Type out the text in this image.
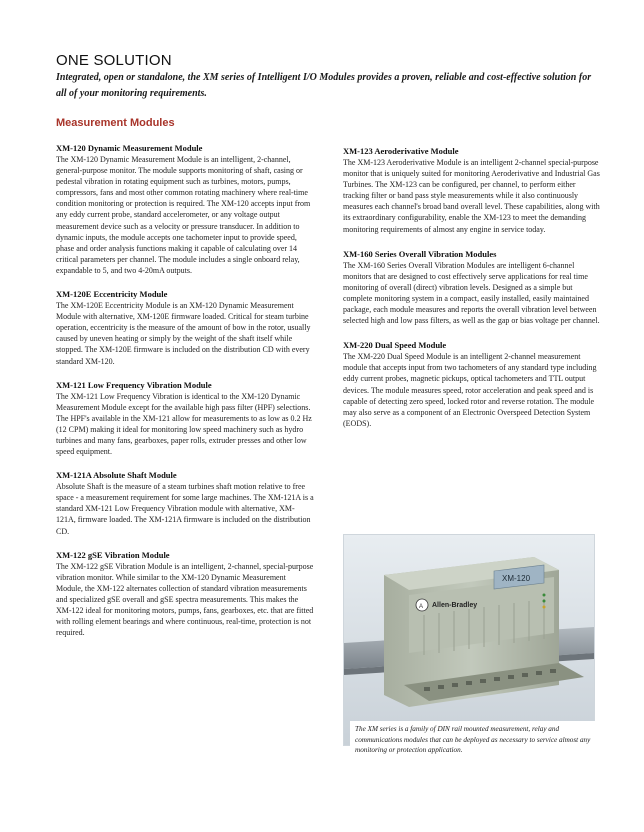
ONE SOLUTION
Integrated, open or standalone, the XM series of Intelligent I/O Modules provides a proven, reliable and cost-effective solution for all of your monitoring requirements.
Measurement Modules

XM-120 Dynamic Measurement Module

The XM-120 Dynamic Measurement Module is an intelligent, 2-channel, general-purpose monitor. The module supports monitoring of shaft, casing or pedestal vibration in rotating equipment such as turbines, motors, pumps, compressors, fans and most other common rotating machinery where real-time condition monitoring or protection is required. The XM-120 accepts input from any eddy current probe, standard accelerometer, or any voltage output measurement device such as a velocity or pressure transducer. In addition to dynamic inputs, the module accepts one tachometer input to provide speed, phase and order analysis functions making it capable of calculating over 14 critical parameters per channel. The module includes a single onboard relay, expandable to 5, and two 4-20mA outputs.

XM-120E Eccentricity Module

The XM-120E Eccentricity Module is an XM-120 Dynamic Measurement Module with alternative, XM-120E firmware loaded. Critical for steam turbine operation, eccentricity is the measure of the amount of bow in the rotor, usually caused by uneven heating or simply by the weight of the shaft itself while stopped. The XM-120E firmware is included on the distribution CD with every standard XM-120.

XM-121 Low Frequency Vibration Module

The XM-121 Low Frequency Vibration is identical to the XM-120 Dynamic Measurement Module except for the available high pass filter (HPF) selections. The HPF's available in the XM-121 allow for measurements to as low as 0.2 Hz (12 CPM) making it ideal for monitoring low speed machinery such as hydro turbines and many fans, gearboxes, paper rolls, extruder presses and other low speed equipment.

XM-121A Absolute Shaft Module

Absolute Shaft is the measure of a steam turbines shaft motion relative to free space - a measurement requirement for some large machines. The XM-121A is a standard XM-121 Low Frequency Vibration module with alternative, XM-121A, firmware loaded. The XM-121A firmware is included on the distribution CD.

XM-122 gSE Vibration Module

The XM-122 gSE Vibration Module is an intelligent, 2-channel, special-purpose vibration monitor. While similar to the XM-120 Dynamic Measurement Module, the XM-122 alternates collection of standard vibration measurements and specialized gSE overall and gSE spectra measurements. This makes the XM-122 ideal for monitoring motors, pumps, fans, gearboxes, etc. that are fitted with rolling element bearings and where continuous, real-time, protection is not required.

XM-123 Aeroderivative Module

The XM-123 Aeroderivative Module is an intelligent 2-channel special-purpose monitor that is uniquely suited for monitoring Aeroderivative and Industrial Gas Turbines. The XM-123 can be configured, per channel, to perform either tracking filter or band pass style measurements while it also continuously measures each channel's broad band overall level. These capabilities, along with its extraordinary configurability, enable the XM-123 to meet the demanding monitoring requirements of almost any engine in service today.

XM-160 Series Overall Vibration Modules

The XM-160 Series Overall Vibration Modules are intelligent 6-channel monitors that are designed to cost effectively serve applications for real time monitoring of overall (direct) vibration levels. Designed as a simple but complete monitoring system in a compact, easily installed, easily maintained package, each module measures and reports the overall vibration level between selected high and low pass filters, as well as the gap or bias voltage per channel.

XM-220 Dual Speed Module

The XM-220 Dual Speed Module is an intelligent 2-channel measurement module that accepts input from two tachometers of any standard type including eddy current probes, magnetic pickups, optical tachometers and TTL output devices. The module measures speed, rotor acceleration and peak speed and is capable of detecting zero speed, locked rotor and reverse rotation. The module may also serve as a component of an Electronic Overspeed Detection System (EODS).

A Allen-Bradley
XM-120

The XM series is a family of DIN rail mounted measurement, relay and communications modules that can be deployed as necessary to service almost any monitoring or protection application.
